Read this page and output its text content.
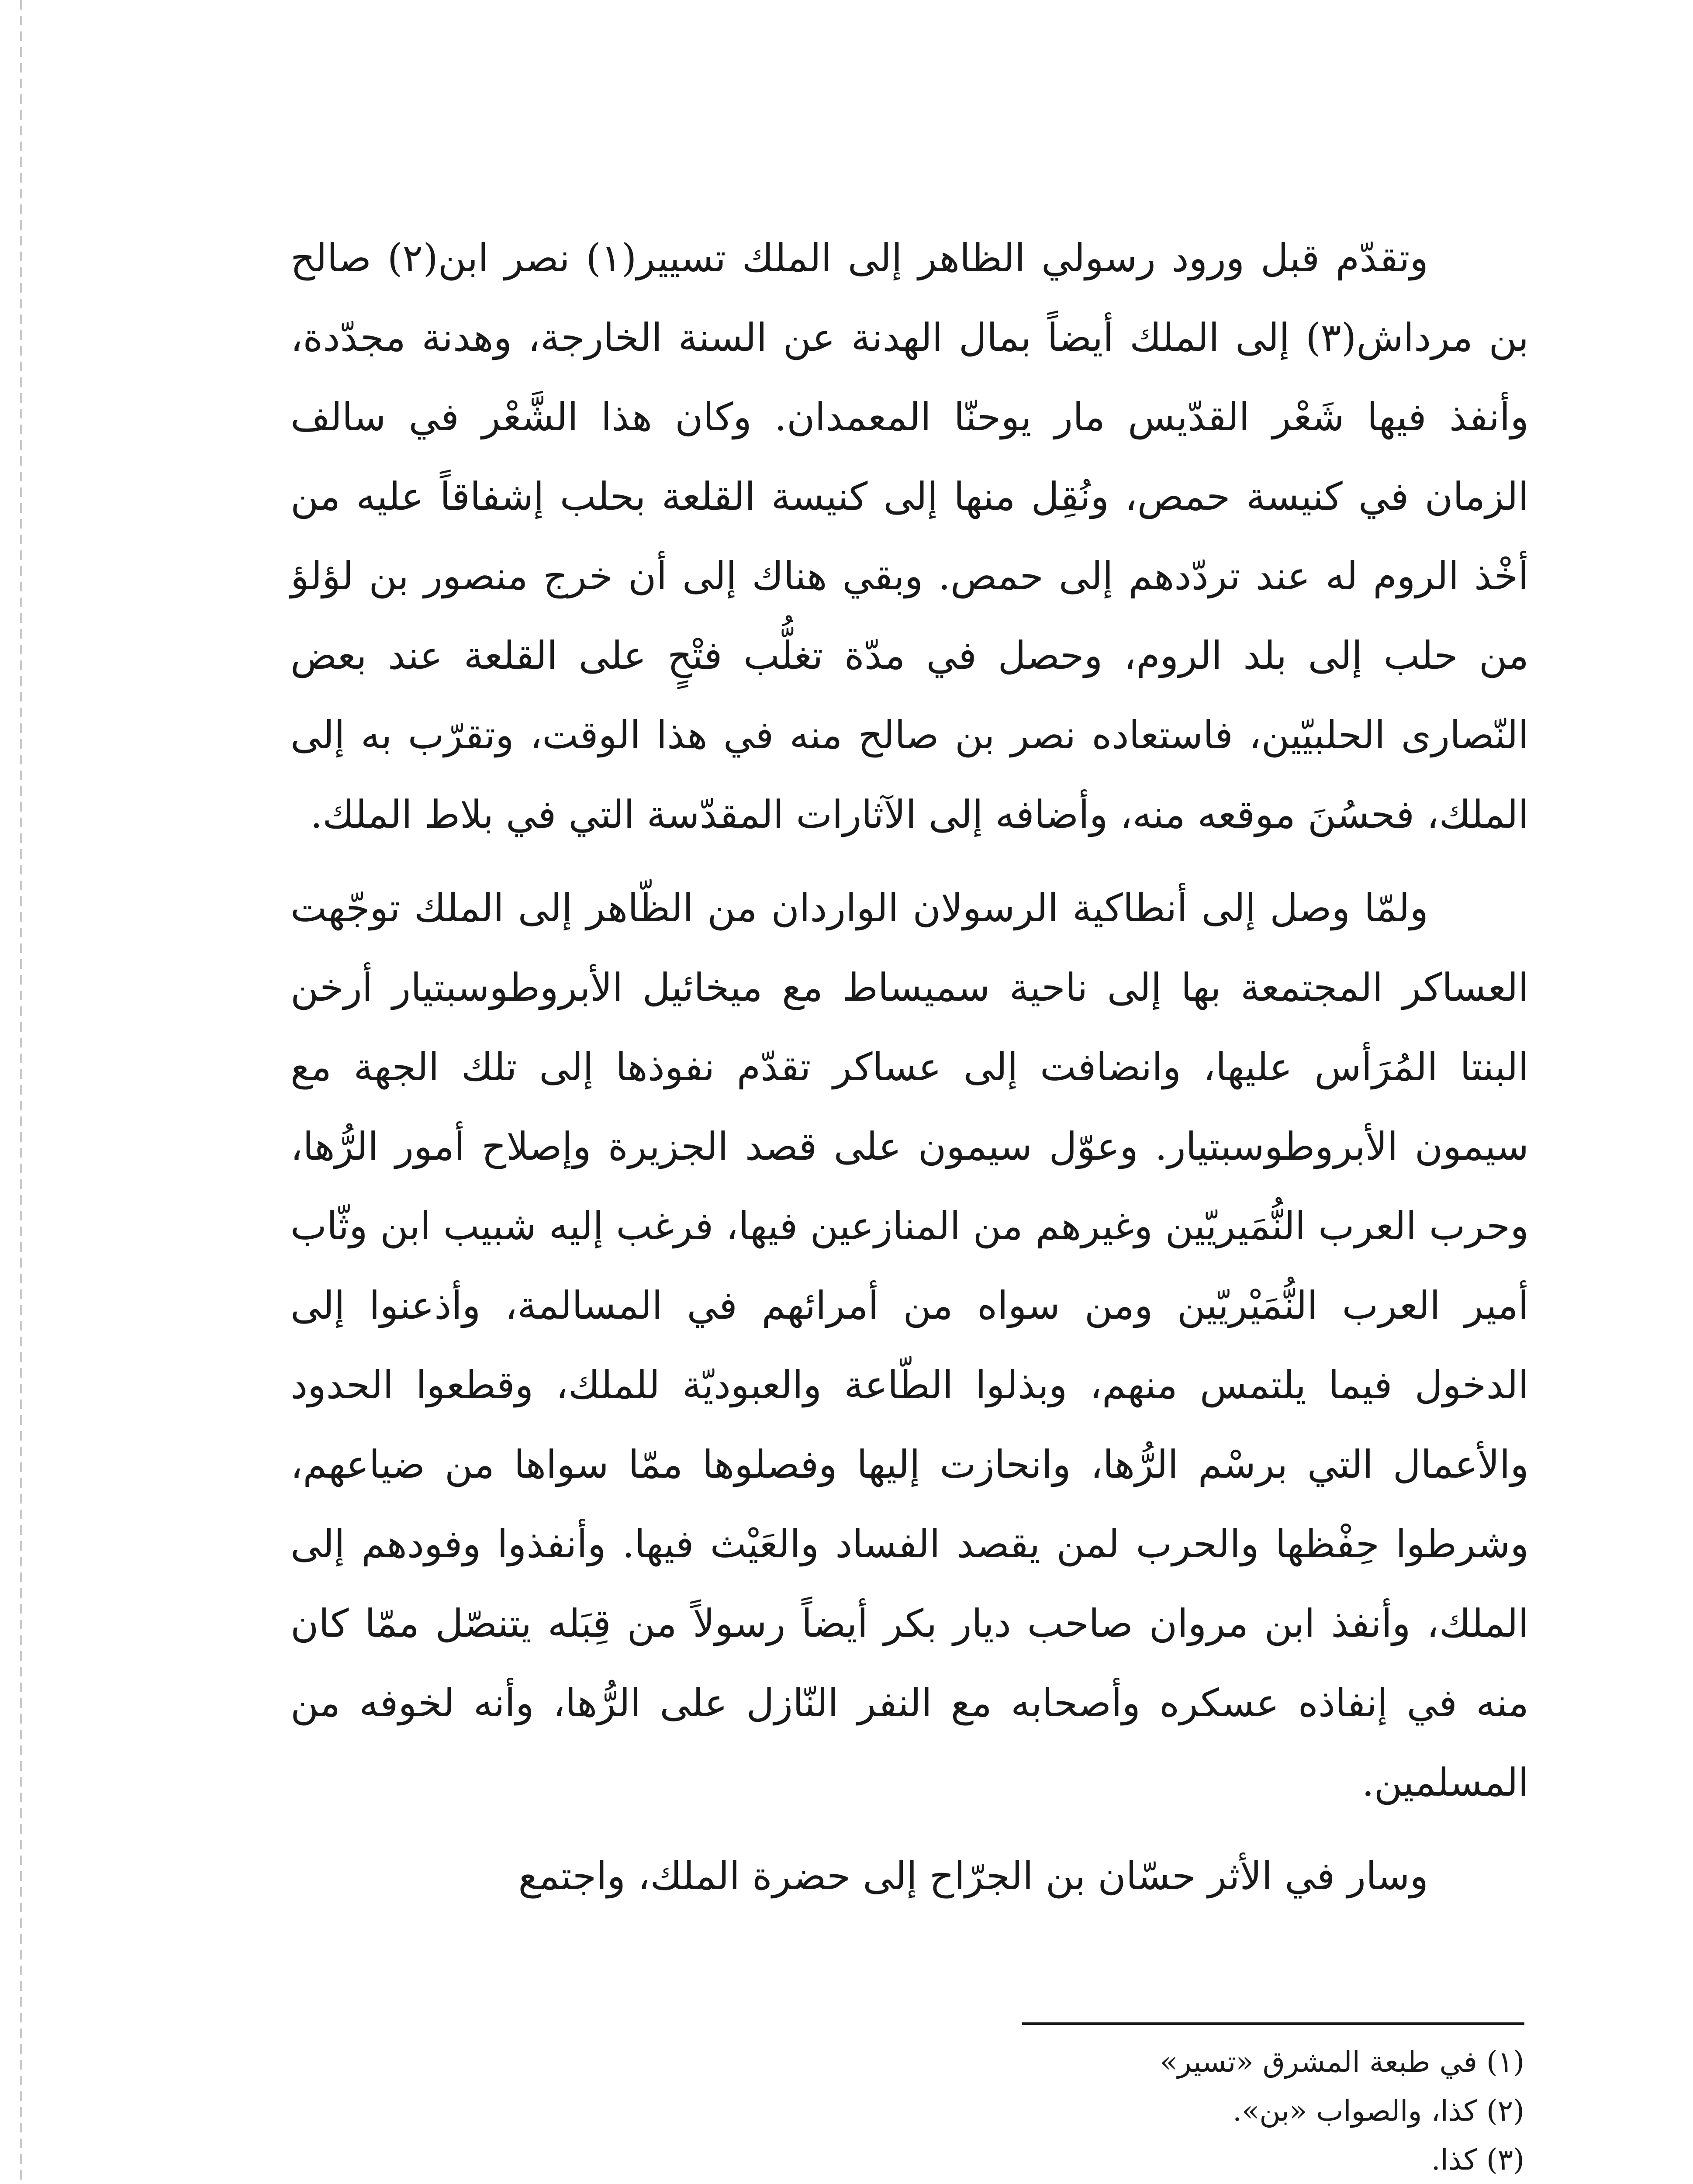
وتقدّم قبل ورود رسولي الظاهر إلى الملك تسيير(١) نصر ابن(٢) صالح بن مرداش(٣) إلى الملك أيضاً بمال الهدنة عن السنة الخارجة، وهدنة مجدّدة، وأنفذ فيها شَعْر القدّيس مار يوحنّا المعمدان. وكان هذا الشَّعْر في سالف الزمان في كنيسة حمص، ونُقِل منها إلى كنيسة القلعة بحلب إشفاقاً عليه من أخْذ الروم له عند تردّدهم إلى حمص. وبقي هناك إلى أن خرج منصور بن لؤلؤ من حلب إلى بلد الروم، وحصل في مدّة تغلُّب فتْحٍ على القلعة عند بعض النّصارى الحلبيّين، فاستعاده نصر بن صالح منه في هذا الوقت، وتقرّب به إلى الملك، فحسُنَ موقعه منه، وأضافه إلى الآثارات المقدّسة التي في بلاط الملك.

ولمّا وصل إلى أنطاكية الرسولان الواردان من الظّاهر إلى الملك توجّهت العساكر المجتمعة بها إلى ناحية سميساط مع ميخائيل الأبروطوسبتيار أرخن البنتا المُرَأس عليها، وانضافت إلى عساكر تقدّم نفوذها إلى تلك الجهة مع سيمون الأبروطوسبتيار. وعوّل سيمون على قصد الجزيرة وإصلاح أمور الرُّها، وحرب العرب النُّمَيريّين وغيرهم من المنازعين فيها، فرغب إليه شبيب ابن وثّاب أمير العرب النُّمَيْريّين ومن سواه من أمرائهم في المسالمة، وأذعنوا إلى الدخول فيما يلتمس منهم، وبذلوا الطّاعة والعبوديّة للملك، وقطعوا الحدود والأعمال التي برسْم الرُّها، وانحازت إليها وفصلوها ممّا سواها من ضياعهم، وشرطوا حِفْظها والحرب لمن يقصد الفساد والعَيْث فيها. وأنفذوا وفودهم إلى الملك، وأنفذ ابن مروان صاحب ديار بكر أيضاً رسولاً من قِبَله يتنصّل ممّا كان منه في إنفاذه عسكره وأصحابه مع النفر النّازل على الرُّها، وأنه لخوفه من المسلمين.

وسار في الأثر حسّان بن الجرّاح إلى حضرة الملك، واجتمع

(١) في طبعة المشرق «تسير»
(٢) كذا، والصواب «بن».
(٣) كذا.
